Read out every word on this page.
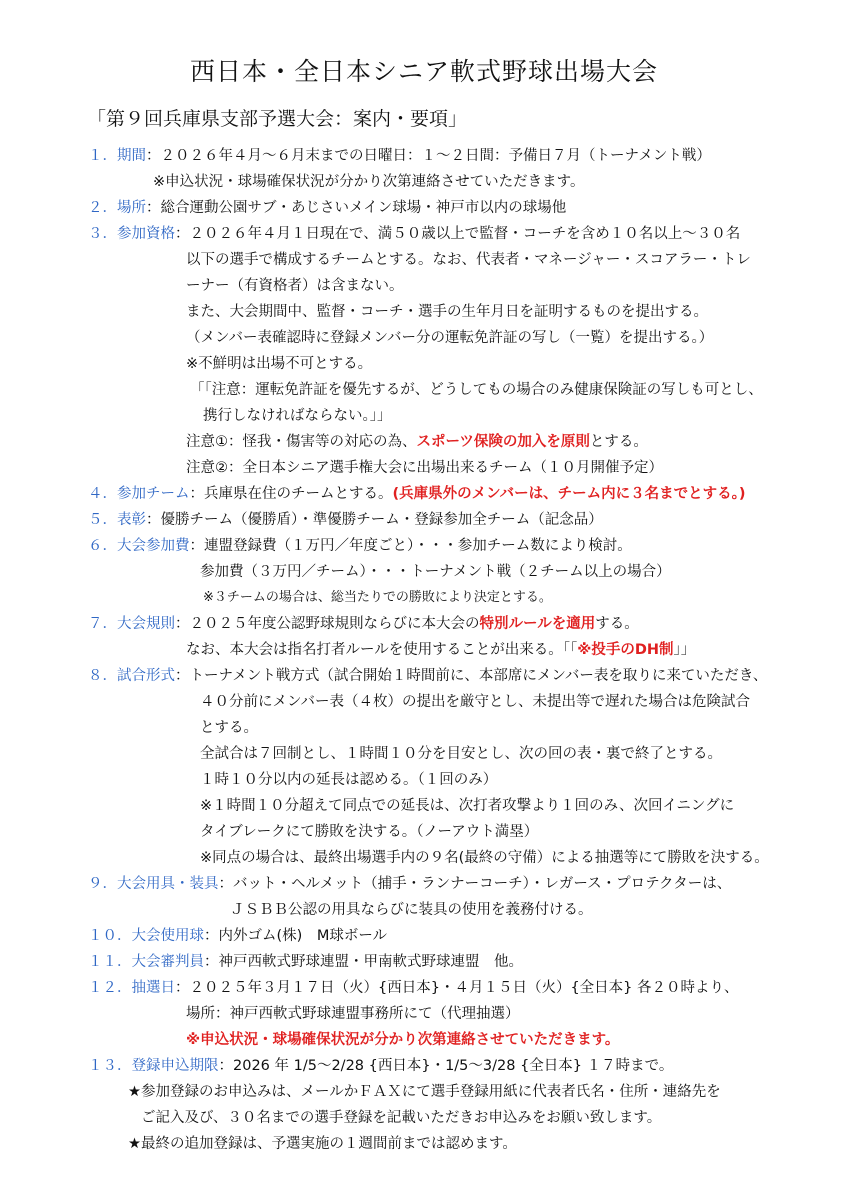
西日本・全日本シニア軟式野球出場大会
「第９回兵庫県支部予選大会：案内・要項」
１．期間：２０２６年４月～６月末までの日曜日：１～２日間：予備日７月（トーナメント戦）
※申込状況・球場確保状況が分かり次第連絡させていただきます。
２．場所：総合運動公園サブ・あじさいメイン球場・神戸市以内の球場他
３．参加資格：２０２６年４月１日現在で、満５０歳以上で監督・コーチを含め１０名以上～３０名
以下の選手で構成するチームとする。なお、代表者・マネージャー・スコアラー・トレ
ーナー（有資格者）は含まない。
また、大会期間中、監督・コーチ・選手の生年月日を証明するものを提出する。
（メンバー表確認時に登録メンバー分の運転免許証の写し（一覧）を提出する。）
※不鮮明は出場不可とする。
「「注意：運転免許証を優先するが、どうしてもの場合のみ健康保険証の写しも可とし、
携行しなければならない。」」
注意①：怪我・傷害等の対応の為、スポーツ保険の加入を原則とする。
注意②：全日本シニア選手権大会に出場出来るチーム（１０月開催予定）
４．参加チーム：兵庫県在住のチームとする。(兵庫県外のメンバーは、チーム内に３名までとする。)
５．表彰：優勝チーム（優勝盾）・準優勝チーム・登録参加全チーム（記念品）
６．大会参加費：連盟登録費（１万円／年度ごと）・・・参加チーム数により検討。
参加費（３万円／チーム）・・・トーナメント戦（２チーム以上の場合）
※３チームの場合は、総当たりでの勝敗により決定とする。
７．大会規則：２０２５年度公認野球規則ならびに本大会の特別ルールを適用する。
なお、本大会は指名打者ルールを使用することが出来る。「「※投手のDH制」」
８．試合形式：トーナメント戦方式（試合開始１時間前に、本部席にメンバー表を取りに来ていただき、
４０分前にメンバー表（４枚）の提出を厳守とし、未提出等で遅れた場合は危険試合
とする。
全試合は７回制とし、１時間１０分を目安とし、次の回の表・裏で終了とする。
１時１０分以内の延長は認める。（１回のみ）
※１時間１０分超えて同点での延長は、次打者攻撃より１回のみ、次回イニングに
タイブレークにて勝敗を決する。（ノーアウト満塁）
※同点の場合は、最終出場選手内の９名(最終の守備）による抽選等にて勝敗を決する。
９．大会用具・装具：バット・ヘルメット（捕手・ランナーコーチ）・レガース・プロテクターは、
ＪＳＢＢ公認の用具ならびに装具の使用を義務付ける。
１０．大会使用球：内外ゴム(株)　M球ボール
１１．大会審判員：神戸西軟式野球連盟・甲南軟式野球連盟　他。
１２．抽選日：２０２５年３月１７日（火）{西日本}・４月１５日（火）{全日本} 各２０時より、
場所：神戸西軟式野球連盟事務所にて（代理抽選）
※申込状況・球場確保状況が分かり次第連絡させていただきます。
１３．登録申込期限：2026 年 1/5～2/28 {西日本}・1/5～3/28 {全日本} １７時まで。
★参加登録のお申込みは、メールかＦＡＸにて選手登録用紙に代表者氏名・住所・連絡先を
ご記入及び、３０名までの選手登録を記載いただきお申込みをお願い致します。
★最終の追加登録は、予選実施の１週間前までは認めます。
